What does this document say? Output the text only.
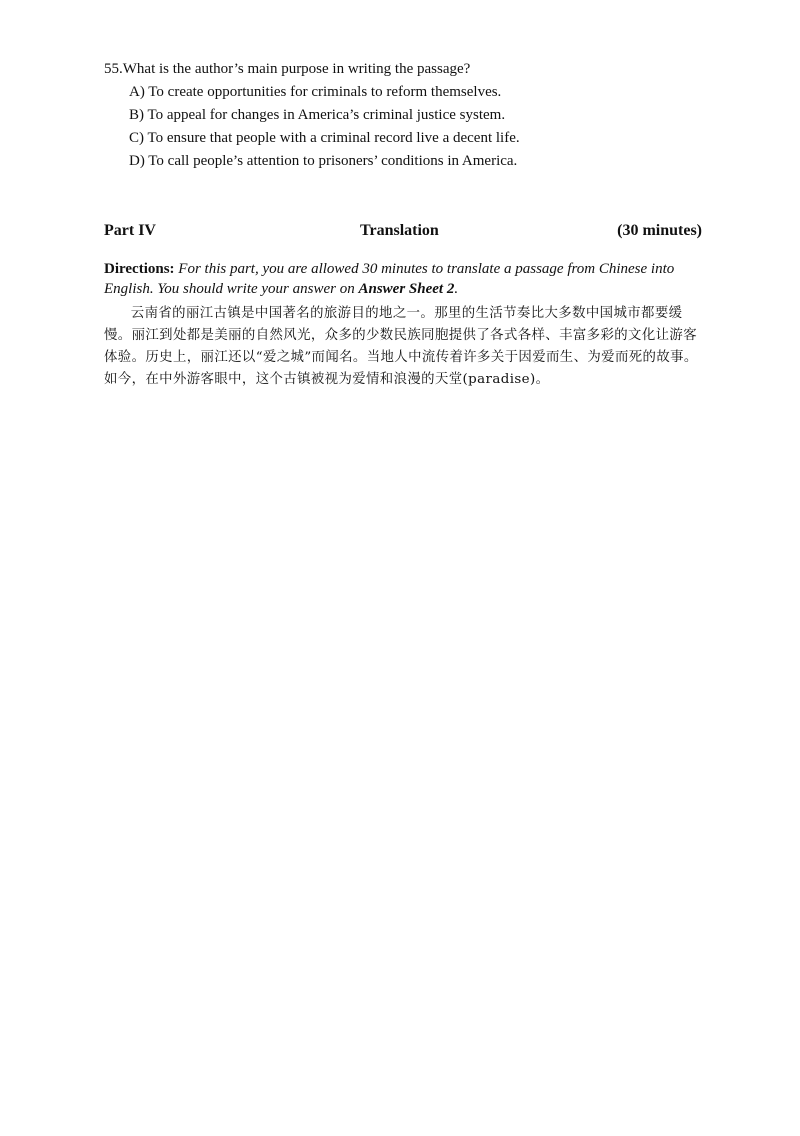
55.What is the author’s main purpose in writing the passage?

A) To create opportunities for criminals to reform themselves.

B) To appeal for changes in America’s criminal justice system.

C) To ensure that people with a criminal record live a decent life.

D) To call people’s attention to prisoners’ conditions in America.

Part IV	Translation	(30 minutes)
Directions: For this part, you are allowed 30 minutes to translate a passage from Chinese into English. You should write your answer on Answer Sheet 2.

云南省的丽江古镇是中国著名的旅游目的地之一。那里的生活节奏比大多数中国城市都要缓慢。丽江到处都是美丽的自然风光，众多的少数民族同胞提供了各式各样、丰富多彩的文化让游客体验。历史上，丽江还以“爱之城”而闻名。当地人中流传着许多关于因爱而生、为爱而死的故事。如今，在中外游客眼中，这个古镇被视为爱情和浪漫的天堂(paradise)。
